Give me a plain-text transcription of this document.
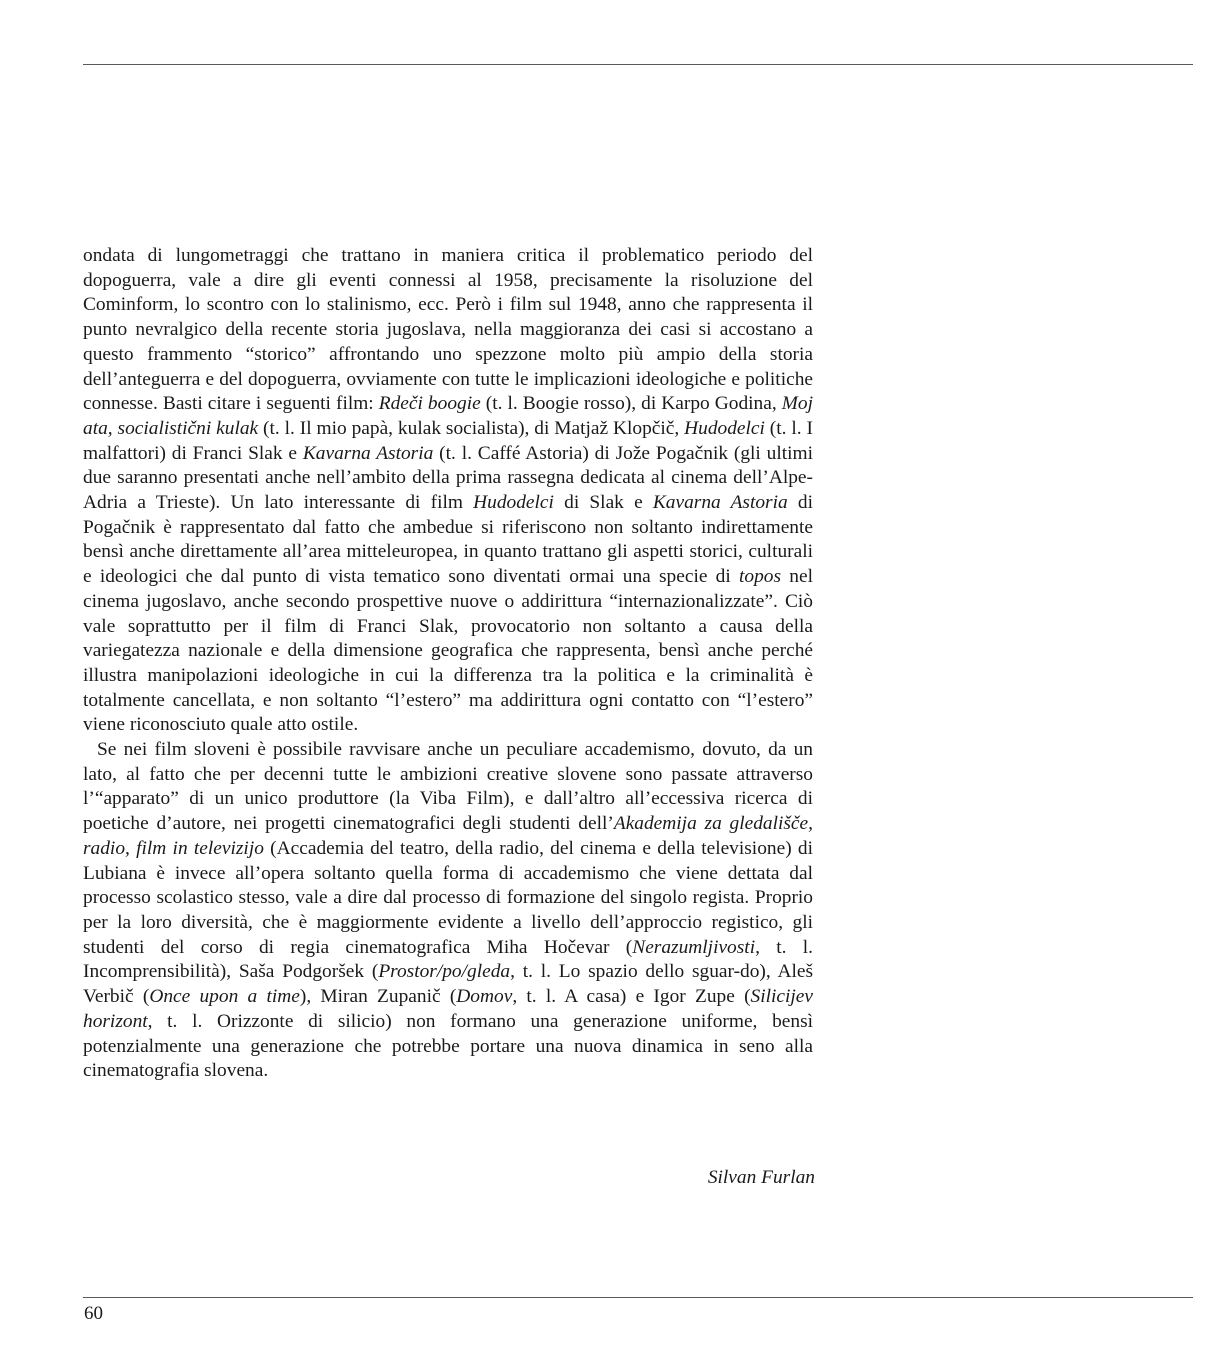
ondata di lungometraggi che trattano in maniera critica il problematico periodo del dopoguerra, vale a dire gli eventi connessi al 1958, precisamente la risoluzione del Cominform, lo scontro con lo stalinismo, ecc. Però i film sul 1948, anno che rappresenta il punto nevralgico della recente storia jugoslava, nella maggioranza dei casi si accostano a questo frammento “storico” affrontando uno spezzone molto più ampio della storia dell’anteguerra e del dopoguerra, ovviamente con tutte le implicazioni ideologiche e politiche connesse. Basti citare i seguenti film: Rdeči boogie (t. l. Boogie rosso), di Karpo Godina, Moj ata, socialistični kulak (t. l. Il mio papà, kulak socialista), di Matjaž Klopčič, Hudodelci (t. l. I malfattori) di Franci Slak e Kavarna Astoria (t. l. Caffé Astoria) di Jože Pogačnik (gli ultimi due saranno presentati anche nell’ambito della prima rassegna dedicata al cinema dell’Alpe-Adria a Trieste). Un lato interessante di film Hudodelci di Slak e Kavarna Astoria di Pogačnik è rappresentato dal fatto che ambedue si riferiscono non soltanto indirettamente bensì anche direttamente all’area mitteleuropea, in quanto trattano gli aspetti storici, culturali e ideologici che dal punto di vista tematico sono diventati ormai una specie di topos nel cinema jugoslavo, anche secondo prospettive nuove o addirittura “internazionalizzate”. Ciò vale soprattutto per il film di Franci Slak, provocatorio non soltanto a causa della variegatezza nazionale e della dimensione geografica che rappresenta, bensì anche perché illustra manipolazioni ideologiche in cui la differenza tra la politica e la criminalità è totalmente cancellata, e non soltanto “l’estero” ma addirittura ogni contatto con “l’estero” viene riconosciuto quale atto ostile.

Se nei film sloveni è possibile ravvisare anche un peculiare accademismo, dovuto, da un lato, al fatto che per decenni tutte le ambizioni creative slovene sono passate attraverso l’“apparato” di un unico produttore (la Viba Film), e dall’altro all’eccessiva ricerca di poetiche d’autore, nei progetti cinematografici degli studenti dell’Akademija za gledališče, radio, film in televizijo (Accademia del teatro, della radio, del cinema e della televisione) di Lubiana è invece all’opera soltanto quella forma di accademismo che viene dettata dal processo scolastico stesso, vale a dire dal processo di formazione del singolo regista. Proprio per la loro diversità, che è maggiormente evidente a livello dell’approccio registico, gli studenti del corso di regia cinematografica Miha Hočevar (Nerazumljivosti, t. l. Incomprensibilità), Saša Podgoršek (Prostor/po/gleda, t. l. Lo spazio dello sguar-do), Aleš Verbič (Once upon a time), Miran Zupanič (Domov, t. l. A casa) e Igor Zupe (Silicijev horizont, t. l. Orizzonte di silicio) non formano una generazione uniforme, bensì potenzialmente una generazione che potrebbe portare una nuova dinamica in seno alla cinematografia slovena.

Silvan Furlan
60
